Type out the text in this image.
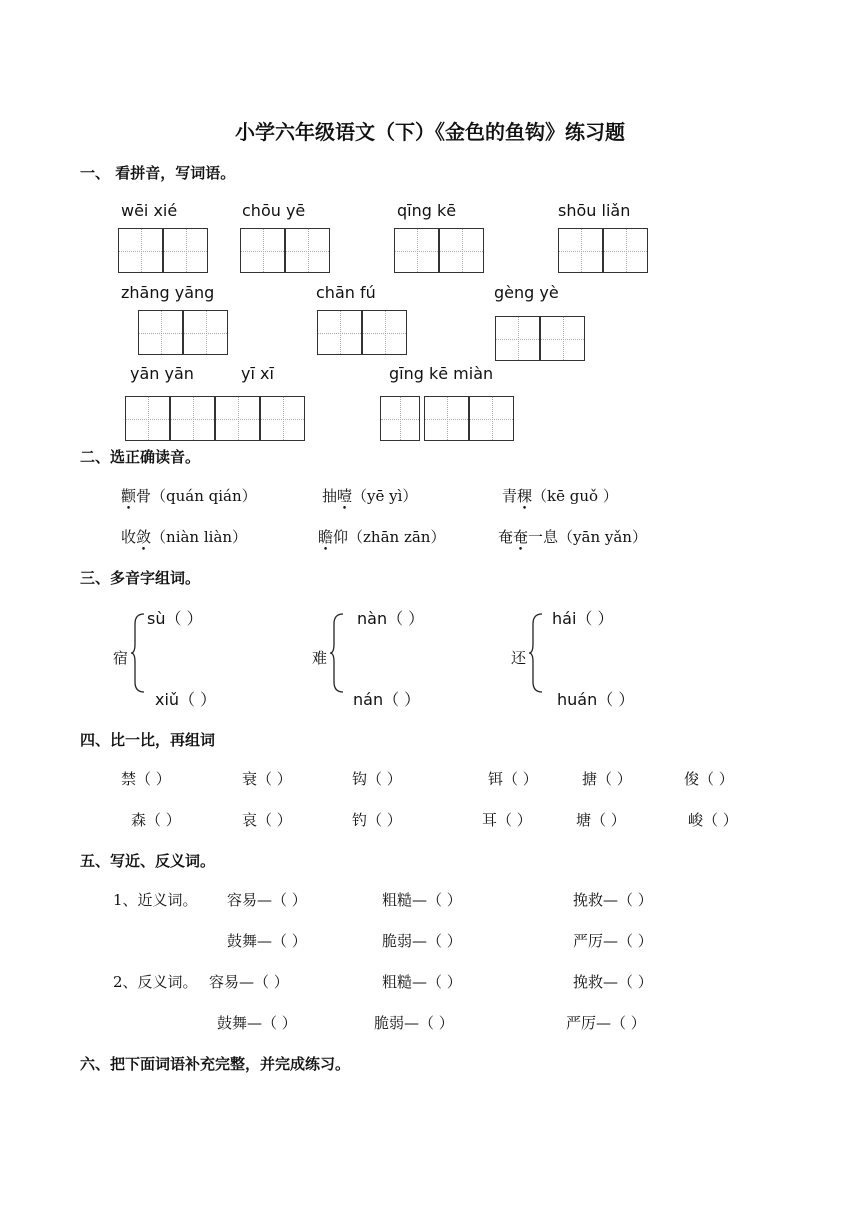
小学六年级语文（下）《金色的鱼钩》练习题
一、 看拼音，写词语。
wēi xié	chōu yē	qīng kē	shōu liǎn
zhāng yāng	chān fú	gèng yè
yān yān	yī xī	gīng kē miàn
二、选正确读音。
颧骨（quán qián）	抽噎（yē yì）	青稞（kē guǒ ）
收敛（niàn liàn）	瞻仰（zhān zān）	奄奄一息（yān yǎn）
三、多音字组词。
宿
sù（ ）
xiǔ（ ）
难
nàn（ ）
nán（ ）
还
hái（ ）
huán（ ）
四、比一比，再组词
禁（ ）	衰（ ）	钩（ ）	铒（ ）	搪（ ）	俊（ ）
森（ ）	哀（ ）	钓（ ）	耳（ ）	塘（ ）	峻（ ）
五、写近、反义词。
1、近义词。 容易—（ ）	粗糙—（ ）	挽救—（ ）
鼓舞—（ ）	脆弱—（ ）	严厉—（ ）
2、反义词。 容易—（ ）	粗糙—（ ）	挽救—（ ）
鼓舞—（ ）	脆弱—（ ）	严厉—（ ）
六、把下面词语补充完整，并完成练习。
